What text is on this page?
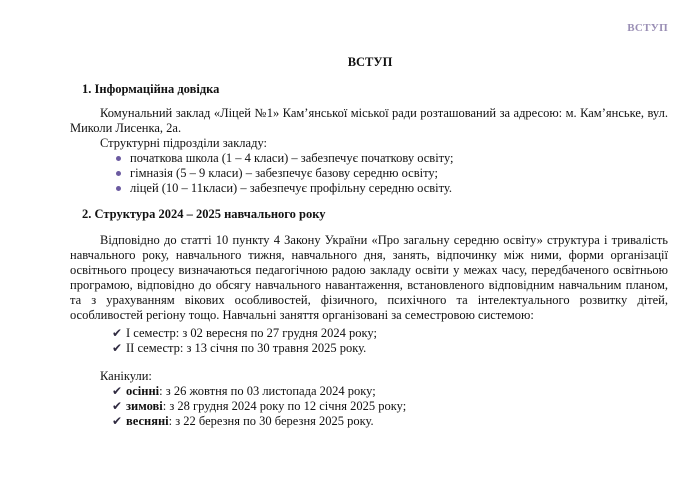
ВСТУП
ВСТУП
1. Інформаційна довідка
Комунальний заклад «Ліцей №1» Кам’янської міської ради розташований за адресою: м. Кам’янське, вул. Миколи Лисенка, 2а.
Структурні підрозділи закладу:
початкова школа (1 – 4 класи) – забезпечує початкову освіту;
гімназія (5 – 9 класи) – забезпечує базову середню освіту;
ліцей (10 – 11класи) – забезпечує профільну середню освіту.
2. Структура 2024 – 2025 навчального року
Відповідно до статті 10 пункту 4 Закону України «Про загальну середню освіту» структура і тривалість навчального року, навчального тижня, навчального дня, занять, відпочинку між ними, форми організації освітнього процесу визначаються педагогічною радою закладу освіти у межах часу, передбаченого освітньою програмою, відповідно до обсягу навчального навантаження, встановленого відповідним навчальним планом, та з урахуванням вікових особливостей, фізичного, психічного та інтелектуального розвитку дітей, особливостей регіону тощо. Навчальні заняття організовані за семестровою системою:
✔ І семестр: з 02 вересня по 27 грудня 2024 року;
✔ ІІ семестр: з 13 січня по 30 травня 2025 року.
Канікули:
✔ осінні: з 26 жовтня по 03 листопада 2024 року;
✔ зимові: з 28 грудня 2024 року по 12 січня 2025 року;
✔ весняні: з 22 березня по 30 березня 2025 року.
